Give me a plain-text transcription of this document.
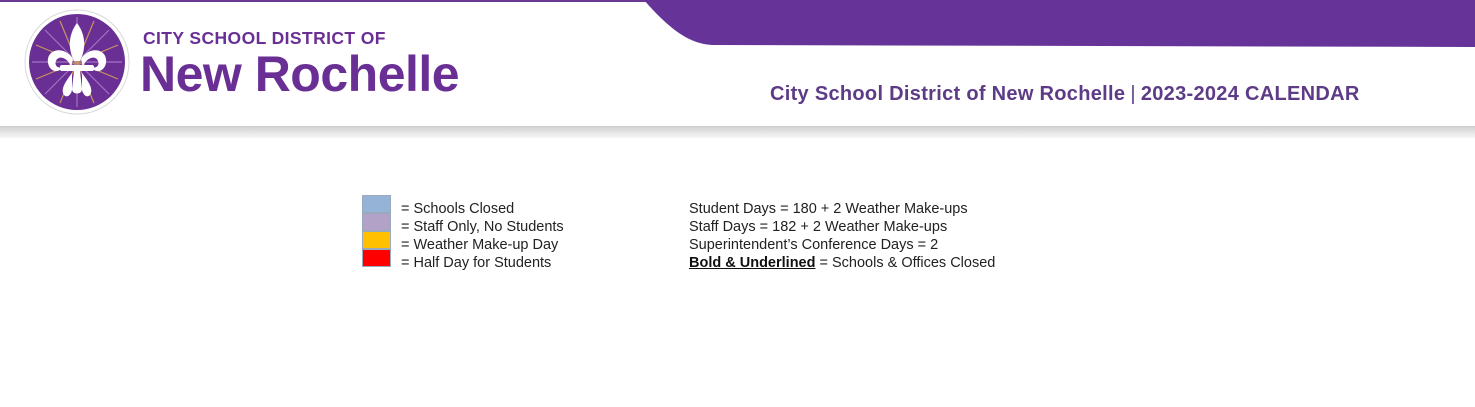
CITY SCHOOL DISTRICT OF
New Rochelle	City School District of New Rochelle | 2023-2024 CALENDAR
= Schools Closed
= Staff Only, No Students
= Weather Make-up Day
= Half Day for Students
Student Days = 180 + 2 Weather Make-ups
Staff Days = 182 + 2 Weather Make-ups
Superintendent’s Conference Days = 2
Bold & Underlined = Schools & Offices Closed
